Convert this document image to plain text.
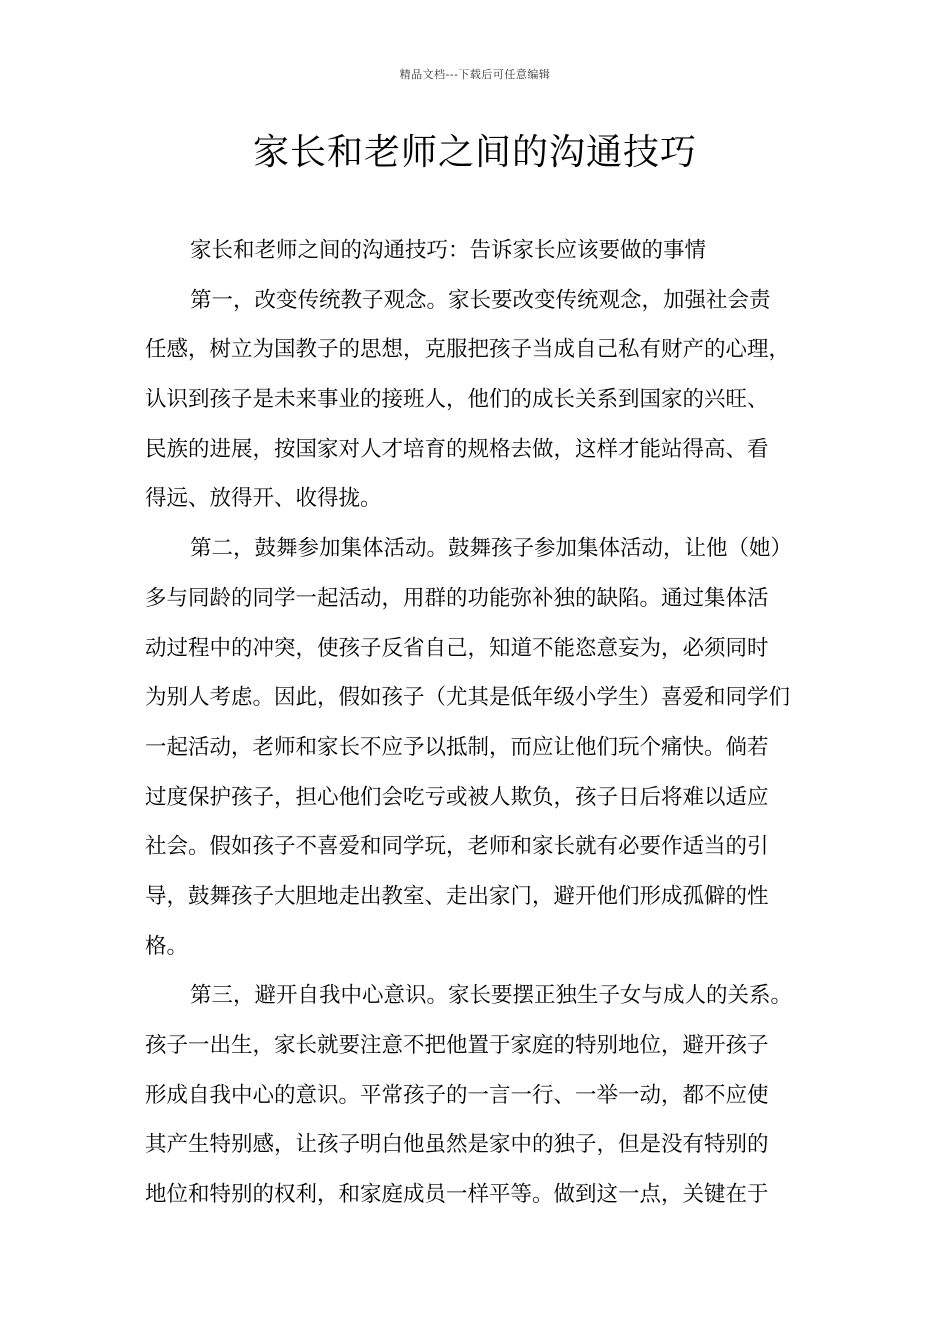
精品文档---下载后可任意编辑
家长和老师之间的沟通技巧
家长和老师之间的沟通技巧：告诉家长应该要做的事情
第一，改变传统教子观念。家长要改变传统观念，加强社会责
任感，树立为国教子的思想，克服把孩子当成自己私有财产的心理，
认识到孩子是未来事业的接班人，他们的成长关系到国家的兴旺、
民族的进展，按国家对人才培育的规格去做，这样才能站得高、看
得远、放得开、收得拢。
第二，鼓舞参加集体活动。鼓舞孩子参加集体活动，让他（她）
多与同龄的同学一起活动，用群的功能弥补独的缺陷。通过集体活
动过程中的冲突，使孩子反省自己，知道不能恣意妄为，必须同时
为别人考虑。因此，假如孩子（尤其是低年级小学生）喜爱和同学们
一起活动，老师和家长不应予以抵制，而应让他们玩个痛快。倘若
过度保护孩子，担心他们会吃亏或被人欺负，孩子日后将难以适应
社会。假如孩子不喜爱和同学玩，老师和家长就有必要作适当的引
导，鼓舞孩子大胆地走出教室、走出家门，避开他们形成孤僻的性
格。
第三，避开自我中心意识。家长要摆正独生子女与成人的关系。
孩子一出生，家长就要注意不把他置于家庭的特别地位，避开孩子
形成自我中心的意识。平常孩子的一言一行、一举一动，都不应使
其产生特别感，让孩子明白他虽然是家中的独子，但是没有特别的
地位和特别的权利，和家庭成员一样平等。做到这一点，关键在于
